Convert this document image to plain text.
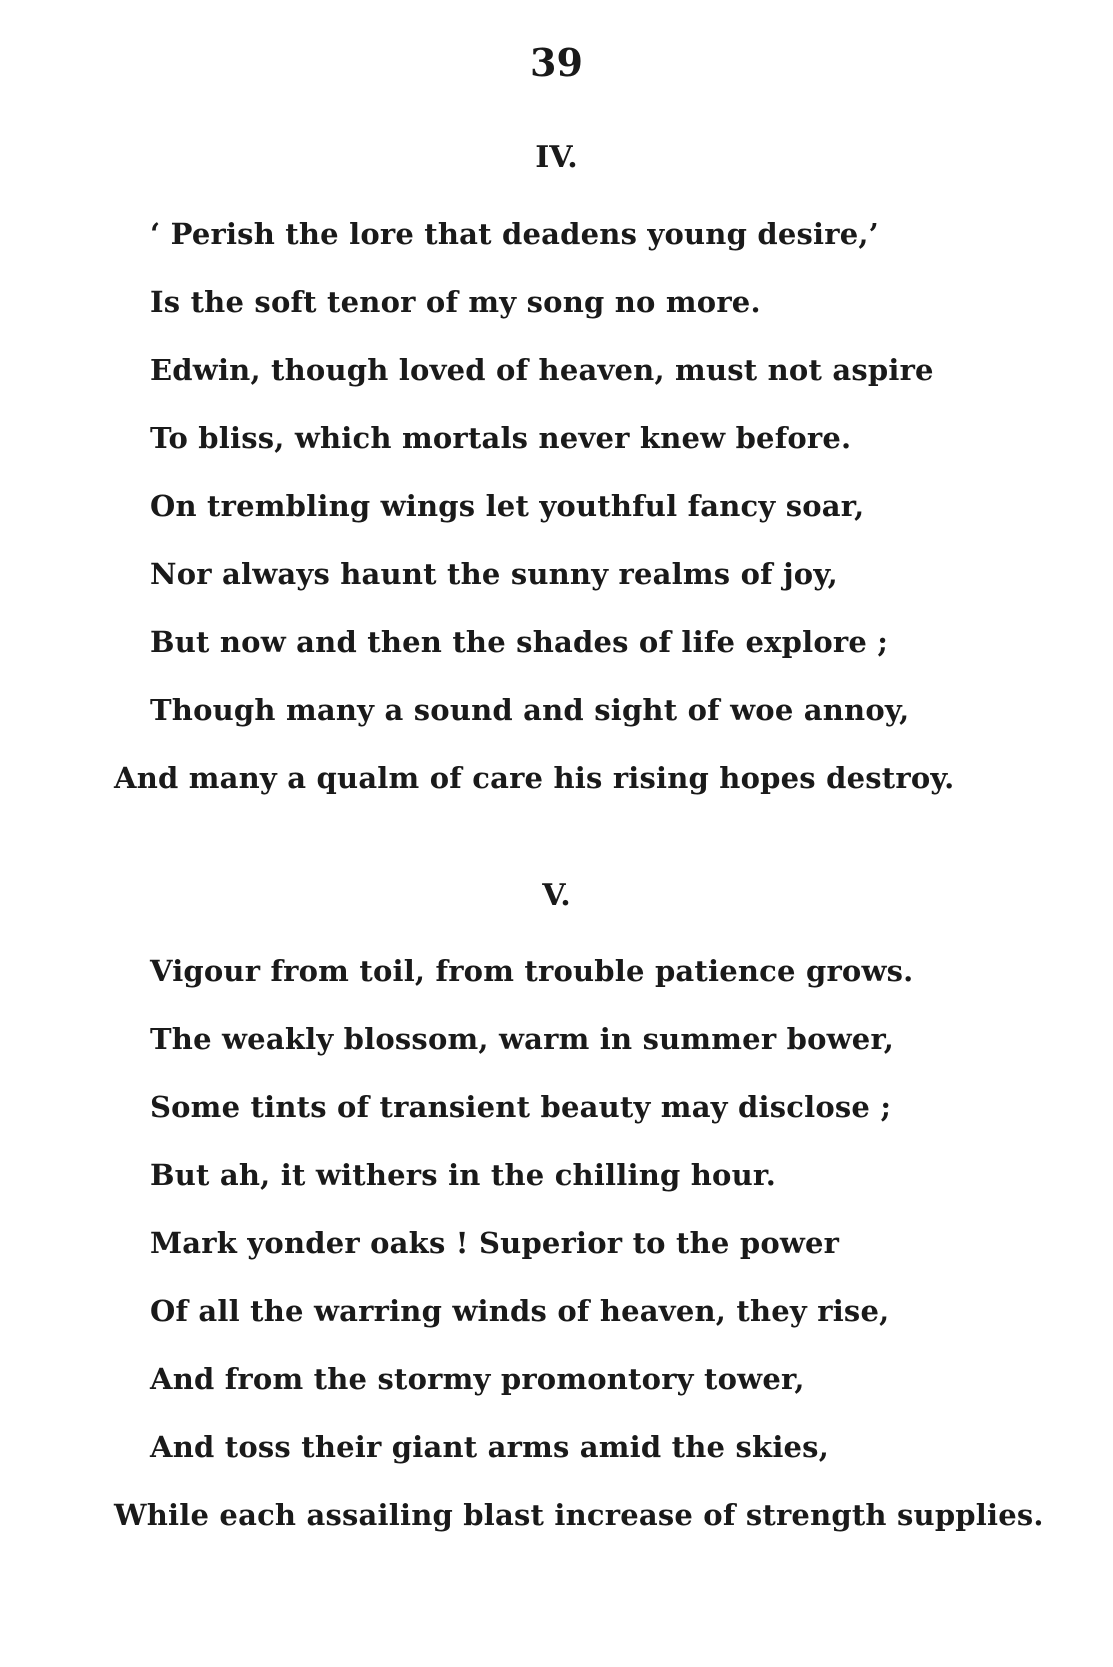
39
IV.
‘ Perish the lore that deadens young desire,’
Is the soft tenor of my song no more.
Edwin, though loved of heaven, must not aspire
To bliss, which mortals never knew before.
On trembling wings let youthful fancy soar,
Nor always haunt the sunny realms of joy,
But now and then the shades of life explore ;
Though many a sound and sight of woe annoy,
And many a qualm of care his rising hopes destroy.
V.
Vigour from toil, from trouble patience grows.
The weakly blossom, warm in summer bower,
Some tints of transient beauty may disclose ;
But ah, it withers in the chilling hour.
Mark yonder oaks ! Superior to the power
Of all the warring winds of heaven, they rise,
And from the stormy promontory tower,
And toss their giant arms amid the skies,
While each assailing blast increase of strength supplies.
